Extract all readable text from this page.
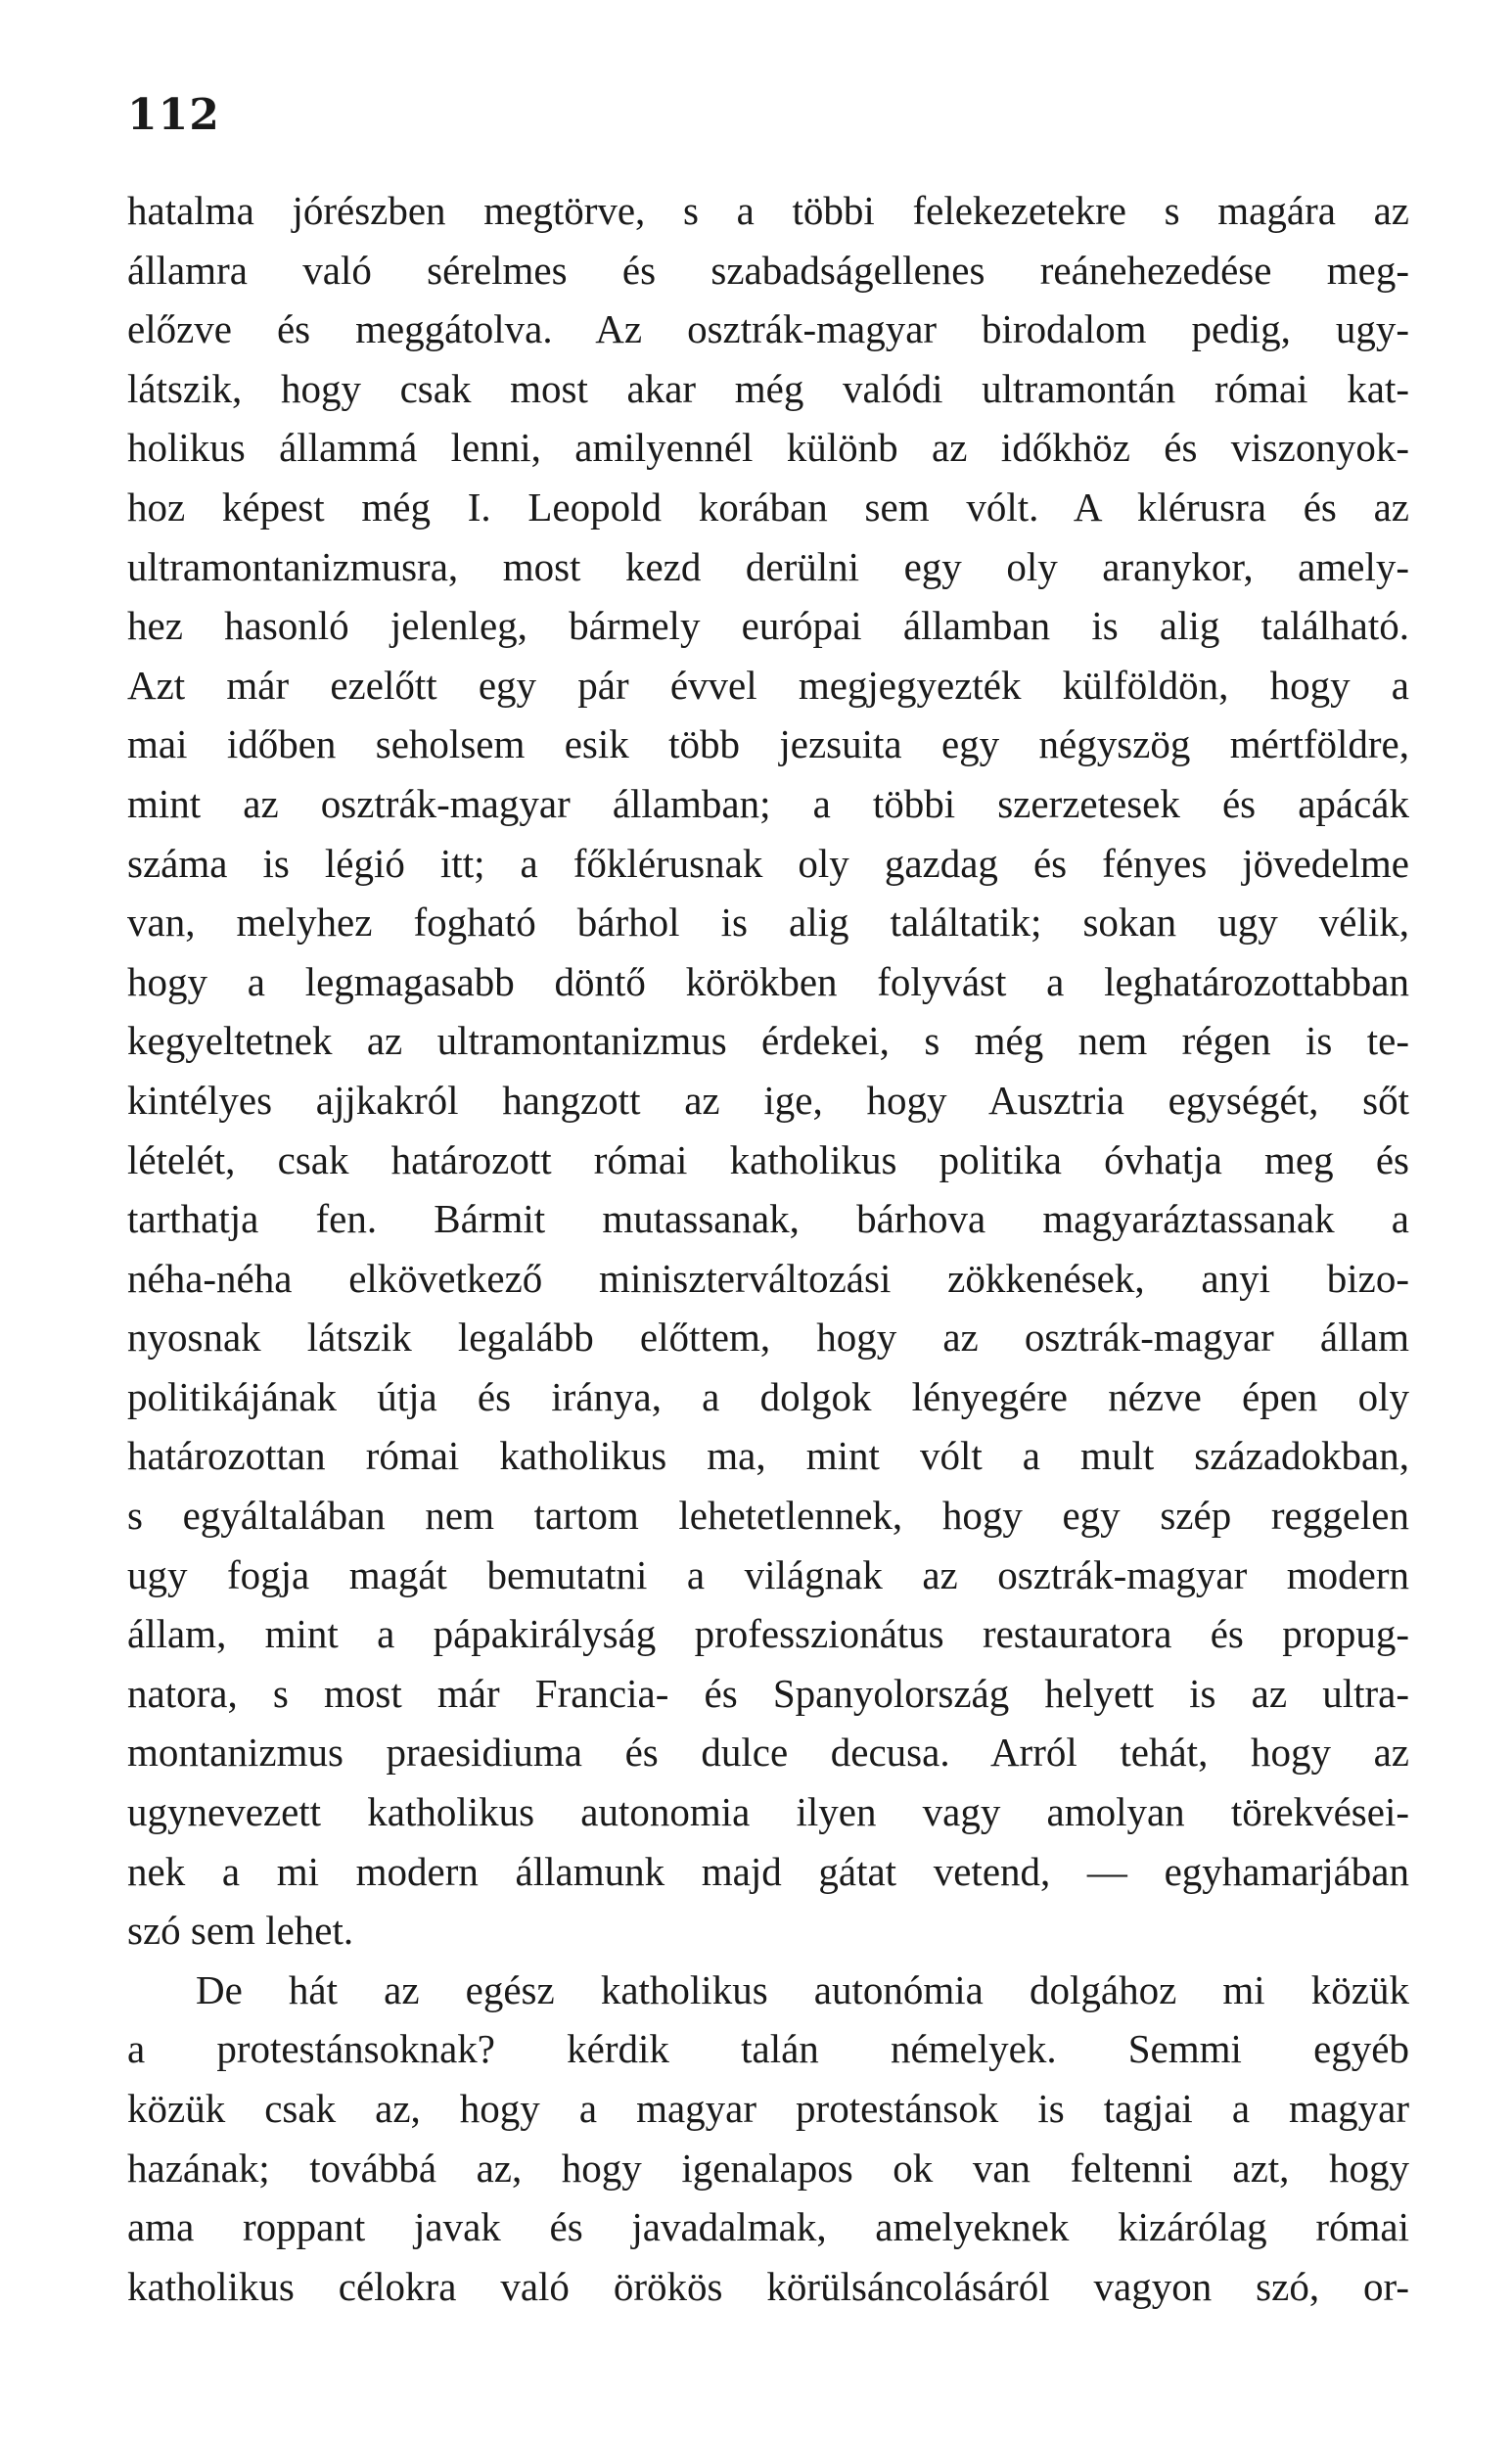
112
hatalma jórészben megtörve, s a többi felekezetekre s magára az
államra való sérelmes és szabadságellenes reánehezedése meg-
előzve és meggátolva. Az osztrák-magyar birodalom pedig, ugy-
látszik, hogy csak most akar még valódi ultramontán római kat-
holikus állammá lenni, amilyennél különb az időkhöz és viszonyok-
hoz képest még I. Leopold korában sem vólt. A klérusra és az
ultramontanizmusra, most kezd derülni egy oly aranykor, amely-
hez hasonló jelenleg, bármely európai államban is alig található.
Azt már ezelőtt egy pár évvel megjegyezték külföldön, hogy a
mai időben seholsem esik több jezsuita egy négyszög mértföldre,
mint az osztrák-magyar államban; a többi szerzetesek és apácák
száma is légió itt; a főklérusnak oly gazdag és fényes jövedelme
van, melyhez fogható bárhol is alig találtatik; sokan ugy vélik,
hogy a legmagasabb döntő körökben folyvást a leghatározottabban
kegyeltetnek az ultramontanizmus érdekei, s még nem régen is te-
kintélyes ajjkakról hangzott az ige, hogy Ausztria egységét, sőt
lételét, csak határozott római katholikus politika óvhatja meg és
tarthatja fen. Bármit mutassanak, bárhova magyaráztassanak a
néha-néha elkövetkező miniszterváltozási zökkenések, anyi bizo-
nyosnak látszik legalább előttem, hogy az osztrák-magyar állam
politikájának útja és iránya, a dolgok lényegére nézve épen oly
határozottan római katholikus ma, mint vólt a mult századokban,
s egyáltalában nem tartom lehetetlennek, hogy egy szép reggelen
ugy fogja magát bemutatni a világnak az osztrák-magyar modern
állam, mint a pápakirályság professzionátus restauratora és propug-
natora, s most már Francia- és Spanyolország helyett is az ultra-
montanizmus praesidiuma és dulce decusa. Arról tehát, hogy az
ugynevezett katholikus autonomia ilyen vagy amolyan törekvései-
nek a mi modern államunk majd gátat vetend, — egyhamarjában
szó sem lehet.
De hát az egész katholikus autonómia dolgához mi közük
a protestánsoknak? kérdik talán némelyek. Semmi egyéb
közük csak az, hogy a magyar protestánsok is tagjai a magyar
hazának; továbbá az, hogy igenalapos ok van feltenni azt, hogy
ama roppant javak és javadalmak, amelyeknek kizárólag római
katholikus célokra való örökös körülsáncolásáról vagyon szó, or-
